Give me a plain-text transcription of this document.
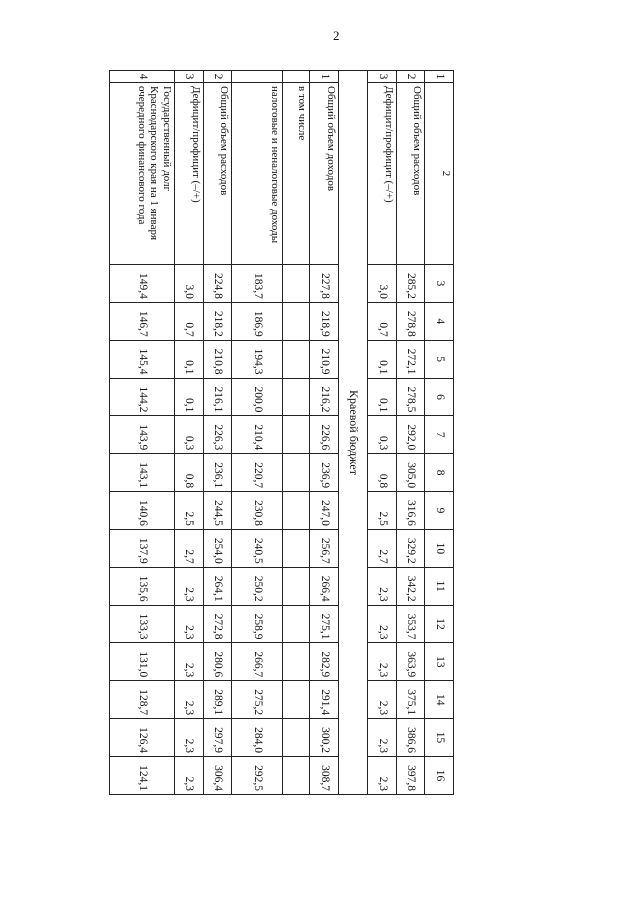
2
1	2	3	4	5	6	7	8	9	10	11	12	13	14	15	16
2	Общий объем расходов	285,2	278,8	272,1	278,5	292,0	305,0	316,6	329,2	342,2	353,7	363,9	375,1	386,6	397,8
3	Дефицит/профицит (–/+)	3,0	0,7	0,1	0,1	0,3	0,8	2,5	2,7	2,3	2,3	2,3	2,3	2,3	2,3
Краевой бюджет															
1	Общий объем доходов	227,8	218,9	210,9	216,2	226,6	236,9	247,0	256,7	266,4	275,1	282,9	291,4	300,2	308,7
	в том числе														
	налоговые и неналоговые доходы	183,7	186,9	194,3	200,0	210,4	220,7	230,8	240,5	250,2	258,9	266,7	275,2	284,0	292,5
2	Общий объем расходов	224,8	218,2	210,8	216,1	226,3	236,1	244,5	254,0	264,1	272,8	280,6	289,1	297,9	306,4
3	Дефицит/профицит (–/+)	3,0	0,7	0,1	0,1	0,3	0,8	2,5	2,7	2,3	2,3	2,3	2,3	2,3	2,3
4	Государственный долг Краснодарского края на 1 января очередного финансового года	149,4	146,7	145,4	144,2	143,9	143,1	140,6	137,9	135,6	133,3	131,0	128,7	126,4	124,1
